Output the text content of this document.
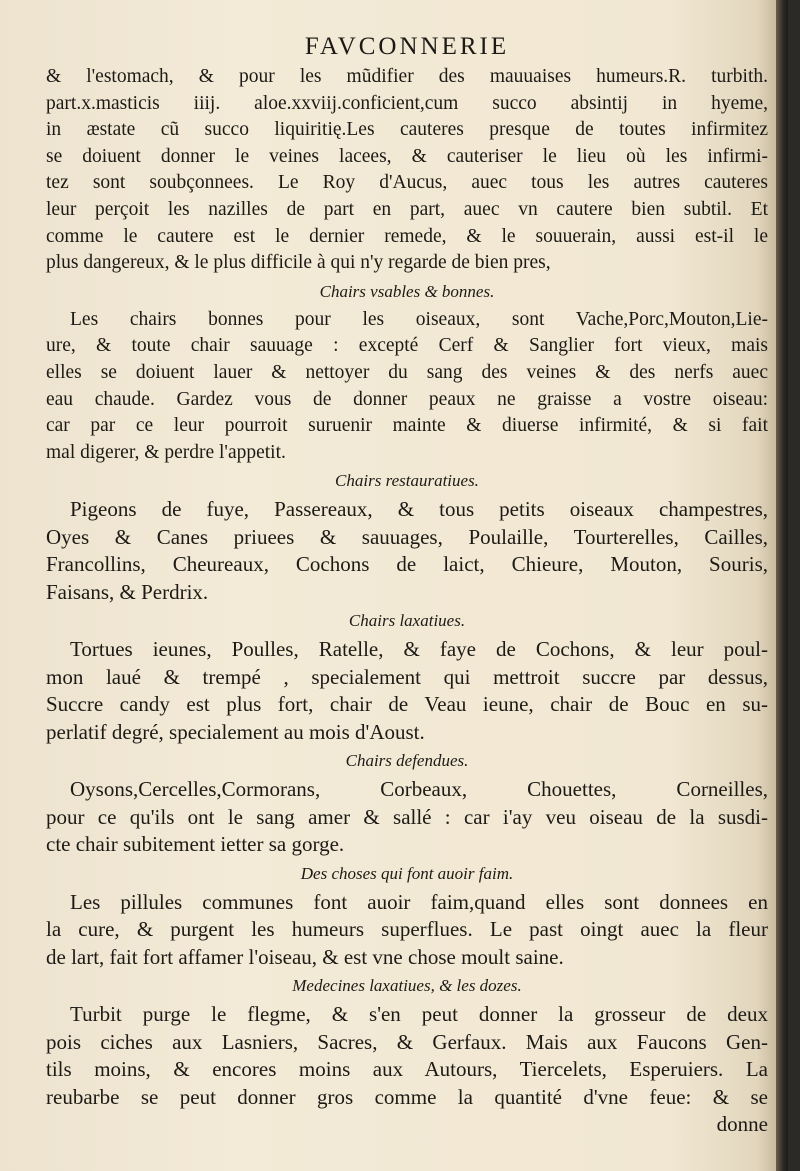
FAVCONNERIE
& l'estomach, & pour les mũdifier des mauuaises humeurs.R. turbith.
part.x.masticis iiij. aloe.xxviij.conficient,cum succo absintij in hyeme,
in æstate cũ succo liquiritię.Les cauteres presque de toutes infirmitez
se doiuent donner le veines lacees, & cauteriser le lieu où les infirmi-
tez sont soubçonnees. Le Roy d'Aucus, auec tous les autres cauteres
leur perçoit les nazilles de part en part, auec vn cautere bien subtil. Et
comme le cautere est le dernier remede, & le souuerain, aussi est-il le
plus dangereux, & le plus difficile à qui n'y regarde de bien pres,
Chairs vsables & bonnes.
Les chairs bonnes pour les oiseaux, sont Vache,Porc,Mouton,Lie-
ure, & toute chair sauuage : excepté Cerf & Sanglier fort vieux, mais
elles se doiuent lauer & nettoyer du sang des veines & des nerfs auec
eau chaude. Gardez vous de donner peaux ne graisse a vostre oiseau:
car par ce leur pourroit suruenir mainte & diuerse infirmité, & si fait
mal digerer, & perdre l'appetit.
Chairs restauratiues.
Pigeons de fuye, Passereaux, & tous petits oiseaux champestres,
Oyes & Canes priuees & sauuages, Poulaille, Tourterelles, Cailles,
Francollins, Cheureaux, Cochons de laict, Chieure, Mouton, Souris,
Faisans, & Perdrix.
Chairs laxatiues.
Tortues ieunes, Poulles, Ratelle, & faye de Cochons, & leur poul-
mon laué & trempé , specialement qui mettroit succre par dessus,
Succre candy est plus fort, chair de Veau ieune, chair de Bouc en su-
perlatif degré, specialement au mois d'Aoust.
Chairs defendues.
Oysons,Cercelles,Cormorans, Corbeaux, Chouettes, Corneilles,
pour ce qu'ils ont le sang amer & sallé : car i'ay veu oiseau de la susdi-
cte chair subitement ietter sa gorge.
Des choses qui font auoir faim.
Les pillules communes font auoir faim,quand elles sont donnees en
la cure, & purgent les humeurs superflues. Le past oingt auec la fleur
de lart, fait fort affamer l'oiseau, & est vne chose moult saine.
Medecines laxatiues, & les dozes.
Turbit purge le flegme, & s'en peut donner la grosseur de deux
pois ciches aux Lasniers, Sacres, & Gerfaux. Mais aux Faucons Gen-
tils moins, & encores moins aux Autours, Tiercelets, Esperuiers. La
reubarbe se peut donner gros comme la quantité d'vne feue: & se
donne
